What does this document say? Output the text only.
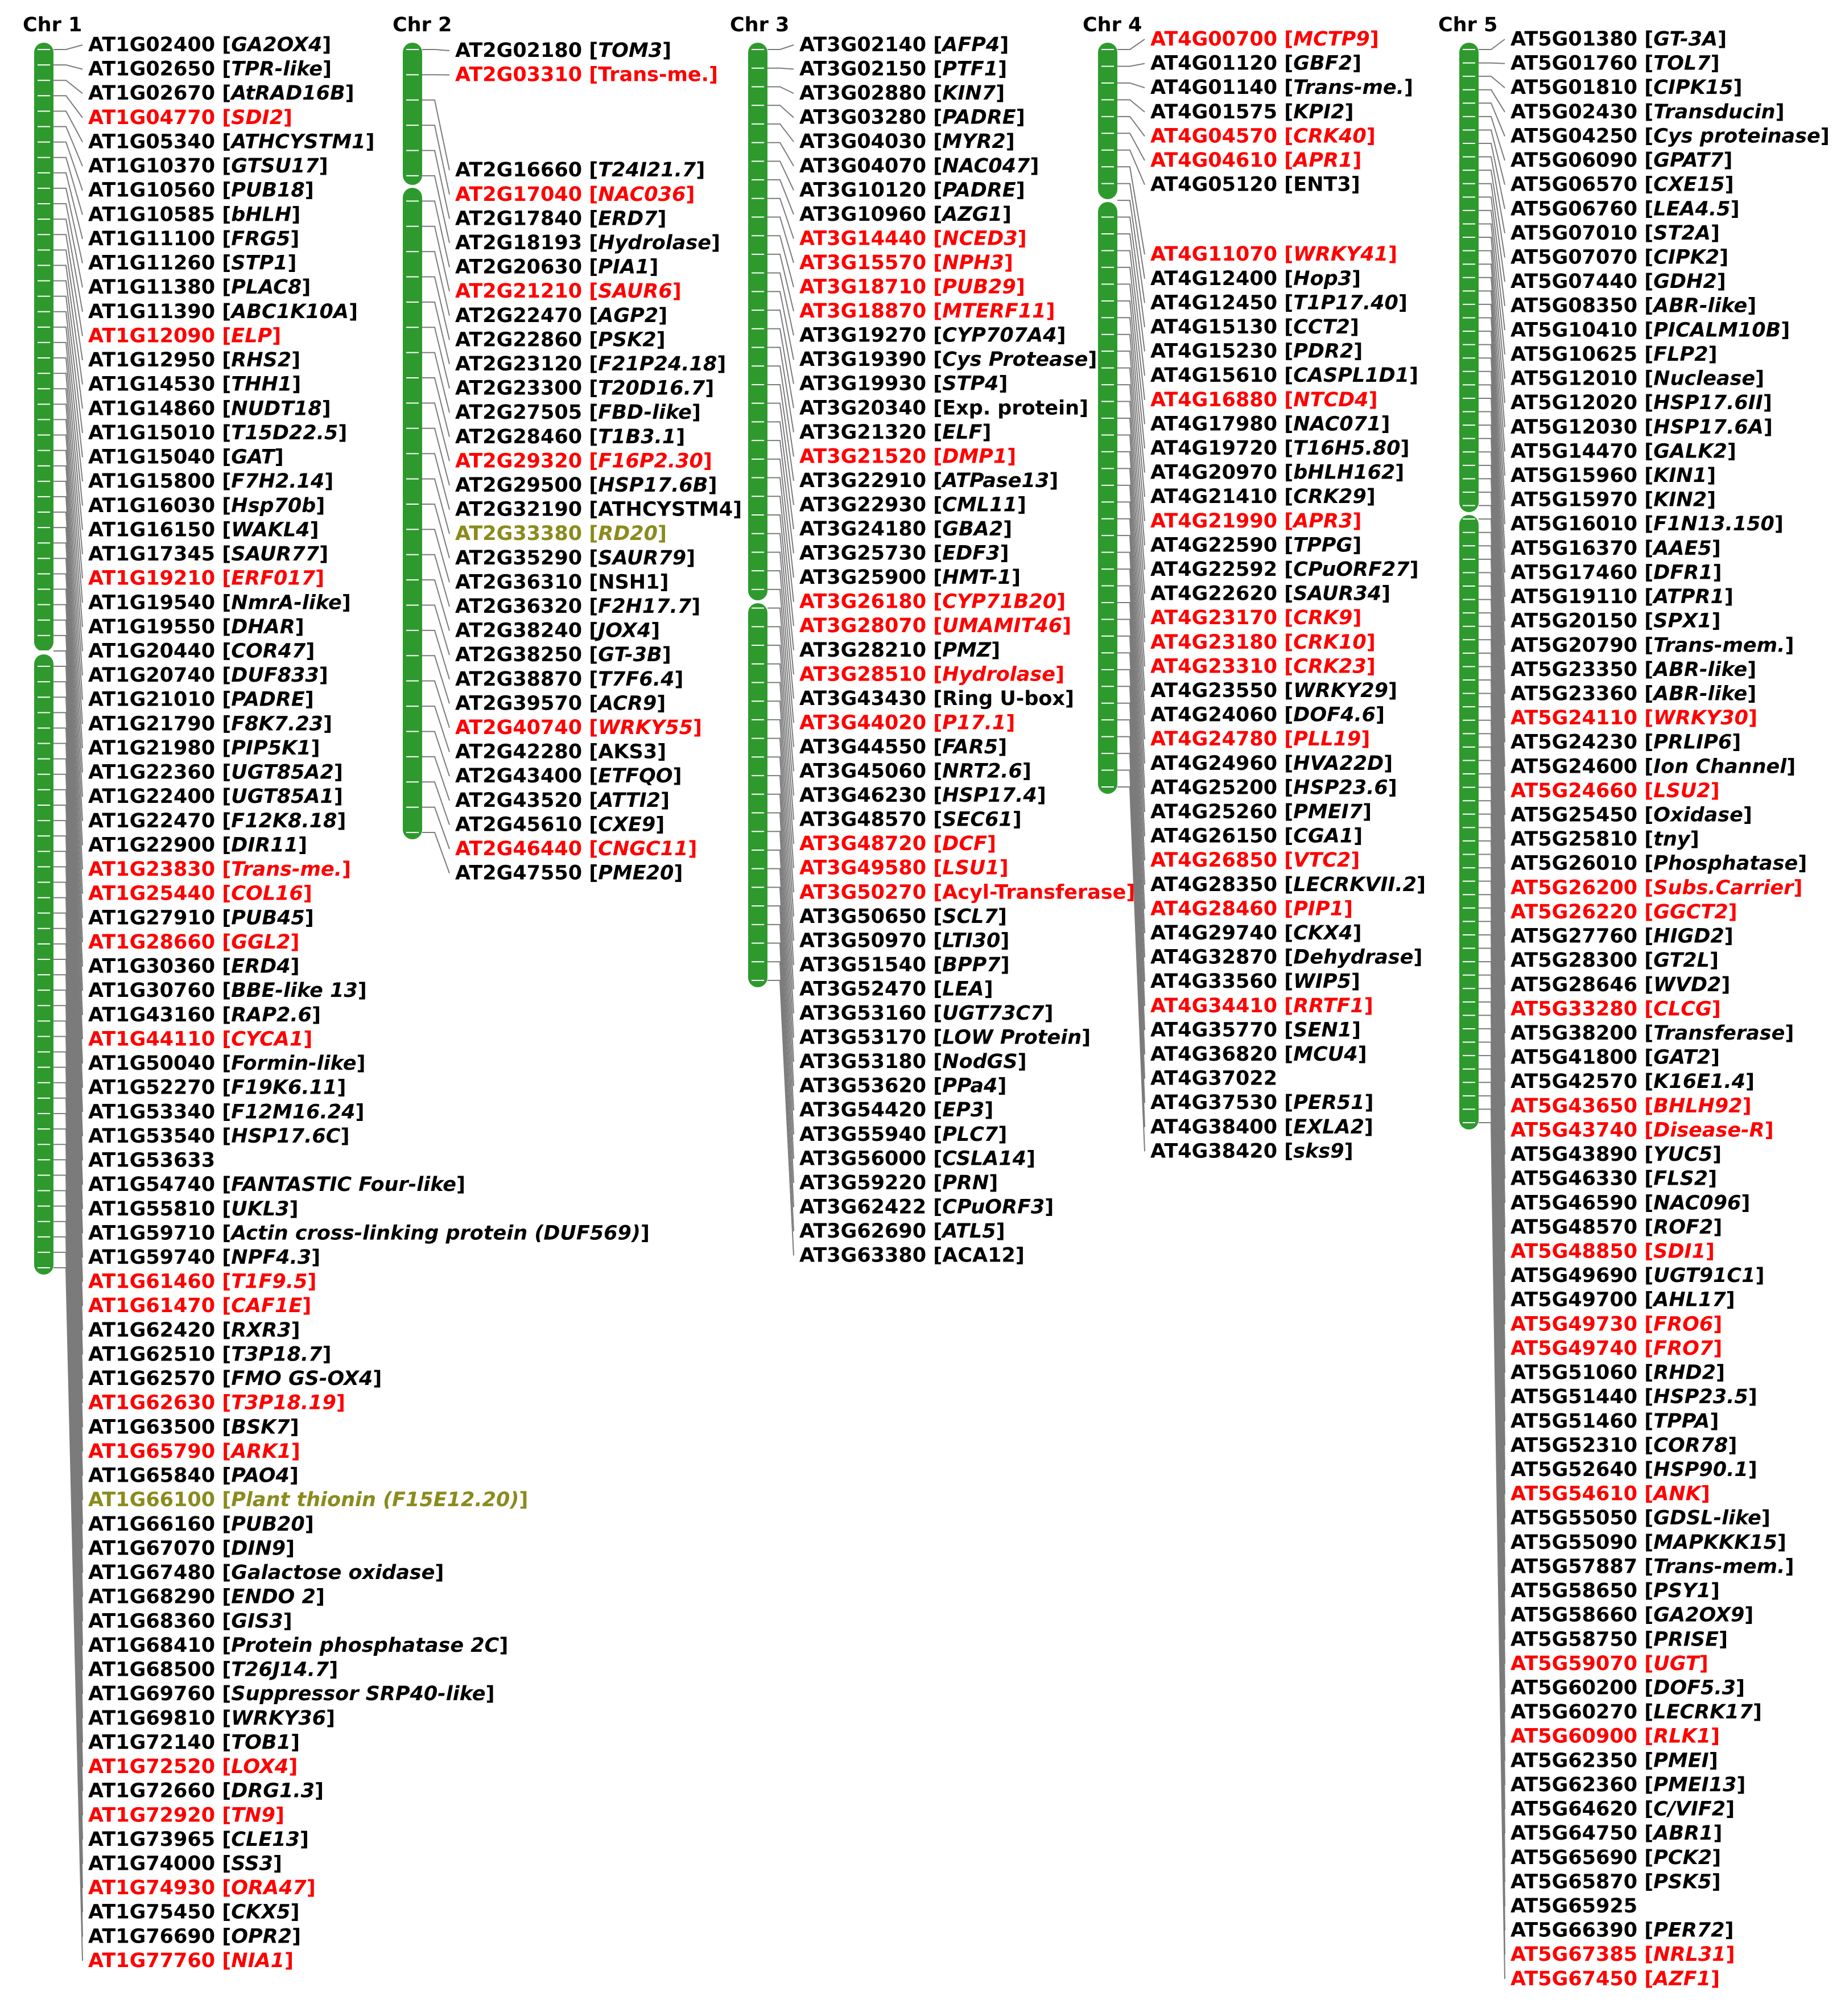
Chr 1
AT1G02400 [GA2OX4]
AT1G02650 [TPR-like]
AT1G02670 [AtRAD16B]
AT1G04770 [SDI2]
AT1G05340 [ATHCYSTM1]
AT1G10370 [GTSU17]
AT1G10560 [PUB18]
AT1G10585 [bHLH]
AT1G11100 [FRG5]
AT1G11260 [STP1]
AT1G11380 [PLAC8]
AT1G11390 [ABC1K10A]
AT1G12090 [ELP]
AT1G12950 [RHS2]
AT1G14530 [THH1]
AT1G14860 [NUDT18]
AT1G15010 [T15D22.5]
AT1G15040 [GAT]
AT1G15800 [F7H2.14]
AT1G16030 [Hsp70b]
AT1G16150 [WAKL4]
AT1G17345 [SAUR77]
AT1G19210 [ERF017]
AT1G19540 [NmrA-like]
AT1G19550 [DHAR]
AT1G20440 [COR47]
AT1G20740 [DUF833]
AT1G21010 [PADRE]
AT1G21790 [F8K7.23]
AT1G21980 [PIP5K1]
AT1G22360 [UGT85A2]
AT1G22400 [UGT85A1]
AT1G22470 [F12K8.18]
AT1G22900 [DIR11]
AT1G23830 [Trans-me.]
AT1G25440 [COL16]
AT1G27910 [PUB45]
AT1G28660 [GGL2]
AT1G30360 [ERD4]
AT1G30760 [BBE-like 13]
AT1G43160 [RAP2.6]
AT1G44110 [CYCA1]
AT1G50040 [Formin-like]
AT1G52270 [F19K6.11]
AT1G53340 [F12M16.24]
AT1G53540 [HSP17.6C]
AT1G53633
AT1G54740 [FANTASTIC Four-like]
AT1G55810 [UKL3]
AT1G59710 [Actin cross-linking protein (DUF569)]
AT1G59740 [NPF4.3]
AT1G61460 [T1F9.5]
AT1G61470 [CAF1E]
AT1G62420 [RXR3]
AT1G62510 [T3P18.7]
AT1G62570 [FMO GS-OX4]
AT1G62630 [T3P18.19]
AT1G63500 [BSK7]
AT1G65790 [ARK1]
AT1G65840 [PAO4]
AT1G66100 [Plant thionin (F15E12.20)]
AT1G66160 [PUB20]
AT1G67070 [DIN9]
AT1G67480 [Galactose oxidase]
AT1G68290 [ENDO 2]
AT1G68360 [GIS3]
AT1G68410 [Protein phosphatase 2C]
AT1G68500 [T26J14.7]
AT1G69760 [Suppressor SRP40-like]
AT1G69810 [WRKY36]
AT1G72140 [TOB1]
AT1G72520 [LOX4]
AT1G72660 [DRG1.3]
AT1G72920 [TN9]
AT1G73965 [CLE13]
AT1G74000 [SS3]
AT1G74930 [ORA47]
AT1G75450 [CKX5]
AT1G76690 [OPR2]
AT1G77760 [NIA1]
Chr 2
AT2G02180 [TOM3]
AT2G03310 [Trans-me.]
AT2G16660 [T24I21.7]
AT2G17040 [NAC036]
AT2G17840 [ERD7]
AT2G18193 [Hydrolase]
AT2G20630 [PIA1]
AT2G21210 [SAUR6]
AT2G22470 [AGP2]
AT2G22860 [PSK2]
AT2G23120 [F21P24.18]
AT2G23300 [T20D16.7]
AT2G27505 [FBD-like]
AT2G28460 [T1B3.1]
AT2G29320 [F16P2.30]
AT2G29500 [HSP17.6B]
AT2G32190 [ATHCYSTM4]
AT2G33380 [RD20]
AT2G35290 [SAUR79]
AT2G36310 [NSH1]
AT2G36320 [F2H17.7]
AT2G38240 [JOX4]
AT2G38250 [GT-3B]
AT2G38870 [T7F6.4]
AT2G39570 [ACR9]
AT2G40740 [WRKY55]
AT2G42280 [AKS3]
AT2G43400 [ETFQO]
AT2G43520 [ATTI2]
AT2G45610 [CXE9]
AT2G46440 [CNGC11]
AT2G47550 [PME20]
Chr 3
AT3G02140 [AFP4]
AT3G02150 [PTF1]
AT3G02880 [KIN7]
AT3G03280 [PADRE]
AT3G04030 [MYR2]
AT3G04070 [NAC047]
AT3G10120 [PADRE]
AT3G10960 [AZG1]
AT3G14440 [NCED3]
AT3G15570 [NPH3]
AT3G18710 [PUB29]
AT3G18870 [MTERF11]
AT3G19270 [CYP707A4]
AT3G19390 [Cys Protease]
AT3G19930 [STP4]
AT3G20340 [Exp. protein]
AT3G21320 [ELF]
AT3G21520 [DMP1]
AT3G22910 [ATPase13]
AT3G22930 [CML11]
AT3G24180 [GBA2]
AT3G25730 [EDF3]
AT3G25900 [HMT-1]
AT3G26180 [CYP71B20]
AT3G28070 [UMAMIT46]
AT3G28210 [PMZ]
AT3G28510 [Hydrolase]
AT3G43430 [Ring U-box]
AT3G44020 [P17.1]
AT3G44550 [FAR5]
AT3G45060 [NRT2.6]
AT3G46230 [HSP17.4]
AT3G48570 [SEC61]
AT3G48720 [DCF]
AT3G49580 [LSU1]
AT3G50270 [Acyl-Transferase]
AT3G50650 [SCL7]
AT3G50970 [LTI30]
AT3G51540 [BPP7]
AT3G52470 [LEA]
AT3G53160 [UGT73C7]
AT3G53170 [LOW Protein]
AT3G53180 [NodGS]
AT3G53620 [PPa4]
AT3G54420 [EP3]
AT3G55940 [PLC7]
AT3G56000 [CSLA14]
AT3G59220 [PRN]
AT3G62422 [CPuORF3]
AT3G62690 [ATL5]
AT3G63380 [ACA12]
Chr 4
AT4G00700 [MCTP9]
AT4G01120 [GBF2]
AT4G01140 [Trans-me.]
AT4G01575 [KPI2]
AT4G04570 [CRK40]
AT4G04610 [APR1]
AT4G05120 [ENT3]
AT4G11070 [WRKY41]
AT4G12400 [Hop3]
AT4G12450 [T1P17.40]
AT4G15130 [CCT2]
AT4G15230 [PDR2]
AT4G15610 [CASPL1D1]
AT4G16880 [NTCD4]
AT4G17980 [NAC071]
AT4G19720 [T16H5.80]
AT4G20970 [bHLH162]
AT4G21410 [CRK29]
AT4G21990 [APR3]
AT4G22590 [TPPG]
AT4G22592 [CPuORF27]
AT4G22620 [SAUR34]
AT4G23170 [CRK9]
AT4G23180 [CRK10]
AT4G23310 [CRK23]
AT4G23550 [WRKY29]
AT4G24060 [DOF4.6]
AT4G24780 [PLL19]
AT4G24960 [HVA22D]
AT4G25200 [HSP23.6]
AT4G25260 [PMEI7]
AT4G26150 [CGA1]
AT4G26850 [VTC2]
AT4G28350 [LECRKVII.2]
AT4G28460 [PIP1]
AT4G29740 [CKX4]
AT4G32870 [Dehydrase]
AT4G33560 [WIP5]
AT4G34410 [RRTF1]
AT4G35770 [SEN1]
AT4G36820 [MCU4]
AT4G37022
AT4G37530 [PER51]
AT4G38400 [EXLA2]
AT4G38420 [sks9]
Chr 5
AT5G01380 [GT-3A]
AT5G01760 [TOL7]
AT5G01810 [CIPK15]
AT5G02430 [Transducin]
AT5G04250 [Cys proteinase]
AT5G06090 [GPAT7]
AT5G06570 [CXE15]
AT5G06760 [LEA4.5]
AT5G07010 [ST2A]
AT5G07070 [CIPK2]
AT5G07440 [GDH2]
AT5G08350 [ABR-like]
AT5G10410 [PICALM10B]
AT5G10625 [FLP2]
AT5G12010 [Nuclease]
AT5G12020 [HSP17.6II]
AT5G12030 [HSP17.6A]
AT5G14470 [GALK2]
AT5G15960 [KIN1]
AT5G15970 [KIN2]
AT5G16010 [F1N13.150]
AT5G16370 [AAE5]
AT5G17460 [DFR1]
AT5G19110 [ATPR1]
AT5G20150 [SPX1]
AT5G20790 [Trans-mem.]
AT5G23350 [ABR-like]
AT5G23360 [ABR-like]
AT5G24110 [WRKY30]
AT5G24230 [PRLIP6]
AT5G24600 [Ion Channel]
AT5G24660 [LSU2]
AT5G25450 [Oxidase]
AT5G25810 [tny]
AT5G26010 [Phosphatase]
AT5G26200 [Subs.Carrier]
AT5G26220 [GGCT2]
AT5G27760 [HIGD2]
AT5G28300 [GT2L]
AT5G28646 [WVD2]
AT5G33280 [CLCG]
AT5G38200 [Transferase]
AT5G41800 [GAT2]
AT5G42570 [K16E1.4]
AT5G43650 [BHLH92]
AT5G43740 [Disease-R]
AT5G43890 [YUC5]
AT5G46330 [FLS2]
AT5G46590 [NAC096]
AT5G48570 [ROF2]
AT5G48850 [SDI1]
AT5G49690 [UGT91C1]
AT5G49700 [AHL17]
AT5G49730 [FRO6]
AT5G49740 [FRO7]
AT5G51060 [RHD2]
AT5G51440 [HSP23.5]
AT5G51460 [TPPA]
AT5G52310 [COR78]
AT5G52640 [HSP90.1]
AT5G54610 [ANK]
AT5G55050 [GDSL-like]
AT5G55090 [MAPKKK15]
AT5G57887 [Trans-mem.]
AT5G58650 [PSY1]
AT5G58660 [GA2OX9]
AT5G58750 [PRISE]
AT5G59070 [UGT]
AT5G60200 [DOF5.3]
AT5G60270 [LECRK17]
AT5G60900 [RLK1]
AT5G62350 [PMEI]
AT5G62360 [PMEI13]
AT5G64620 [C/VIF2]
AT5G64750 [ABR1]
AT5G65690 [PCK2]
AT5G65870 [PSK5]
AT5G65925
AT5G66390 [PER72]
AT5G67385 [NRL31]
AT5G67450 [AZF1]
